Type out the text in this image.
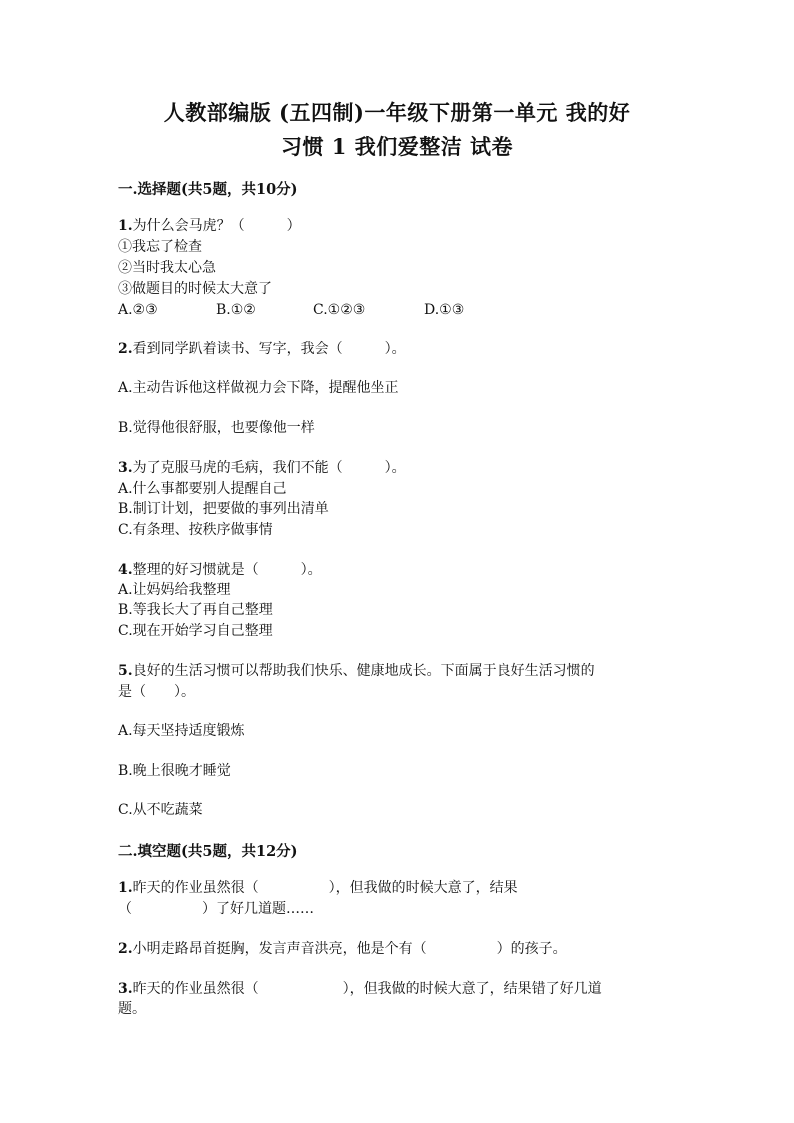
人教部编版 (五四制)一年级下册第一单元 我的好
习惯 1 我们爱整洁 试卷
一.选择题(共5题，共10分)
1.为什么会马虎？（　　　）
①我忘了检查
②当时我太心急
③做题目的时候太大意了
A.②③	B.①②	C.①②③	D.①③
2.看到同学趴着读书、写字，我会（　　　）。
A.主动告诉他这样做视力会下降，提醒他坐正
B.觉得他很舒服，也要像他一样
3.为了克服马虎的毛病，我们不能（　　　）。
A.什么事都要别人提醒自己
B.制订计划，把要做的事列出清单
C.有条理、按秩序做事情
4.整理的好习惯就是（　　　）。
A.让妈妈给我整理
B.等我长大了再自己整理
C.现在开始学习自己整理
5.良好的生活习惯可以帮助我们快乐、健康地成长。下面属于良好生活习惯的
是（　　）。
A.每天坚持适度锻炼
B.晚上很晚才睡觉
C.从不吃蔬菜
二.填空题(共5题，共12分)
1.昨天的作业虽然很（　　　　　），但我做的时候大意了，结果
（　　　　　）了好几道题……
2.小明走路昂首挺胸，发言声音洪亮，他是个有（　　　　　）的孩子。
3.昨天的作业虽然很（　　　　　　），但我做的时候大意了，结果错了好几道
题。
